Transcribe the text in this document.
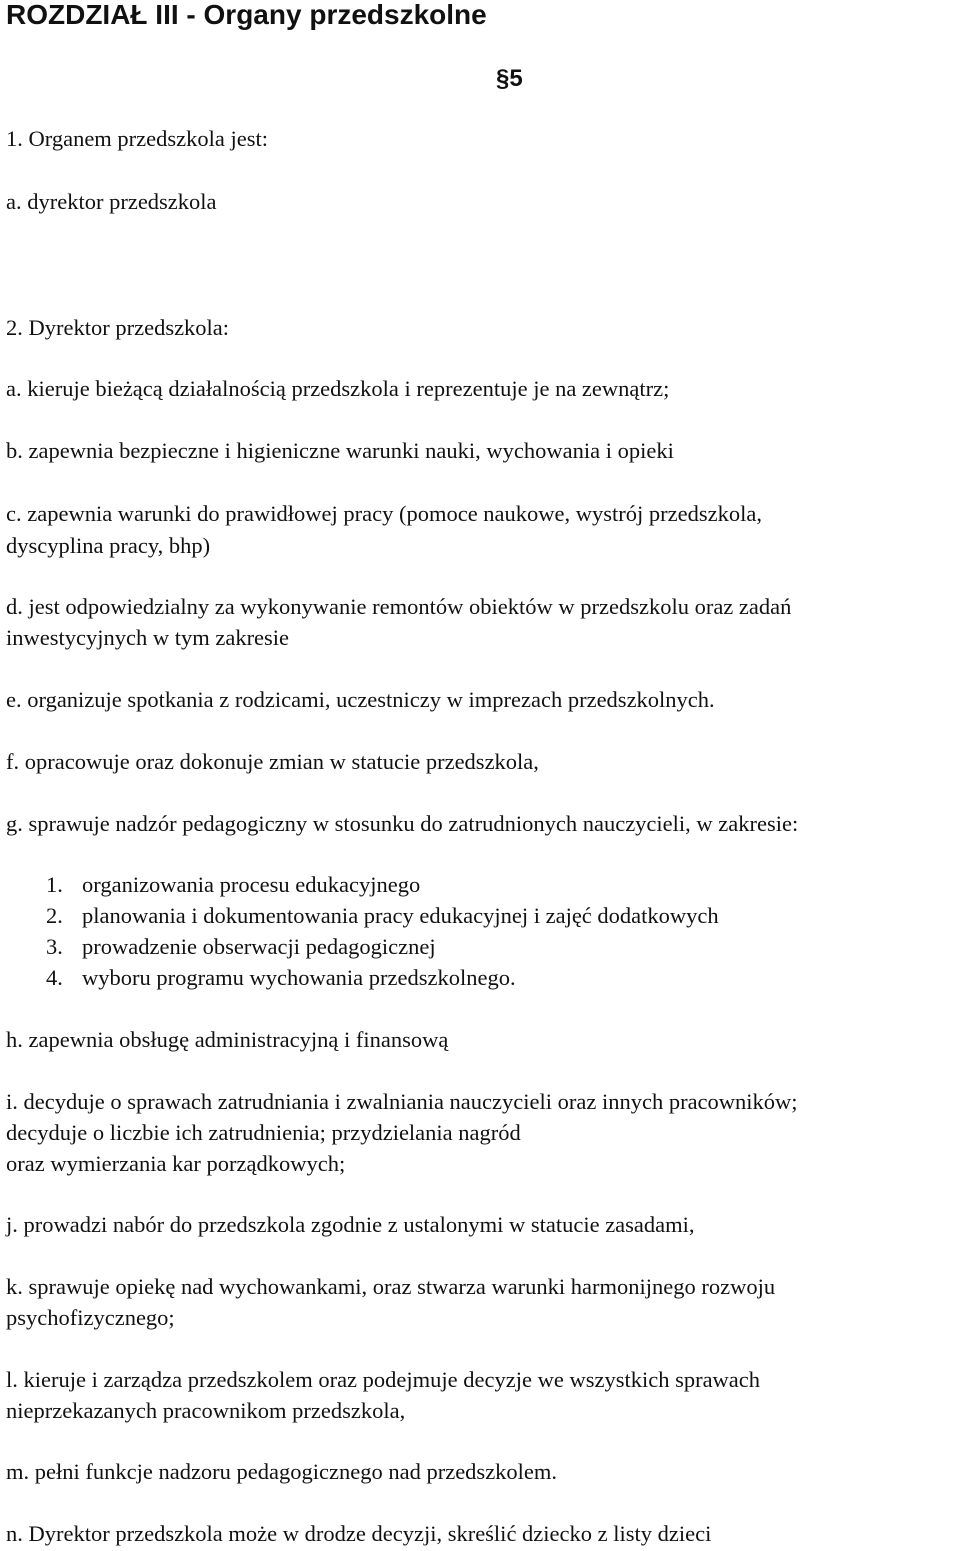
ROZDZIAŁ III - Organy przedszkolne
§5

1. Organem przedszkola jest:

a. dyrektor przedszkola

2. Dyrektor przedszkola:

a. kieruje bieżącą działalnością przedszkola i reprezentuje je na zewnątrz;

b. zapewnia bezpieczne i higieniczne warunki nauki, wychowania i opieki

c. zapewnia warunki do prawidłowej pracy (pomoce naukowe, wystrój przedszkola,

dyscyplina pracy, bhp)

d. jest odpowiedzialny za wykonywanie remontów obiektów w przedszkolu oraz zadań

inwestycyjnych w tym zakresie

e. organizuje spotkania z rodzicami, uczestniczy w imprezach przedszkolnych.

f. opracowuje oraz dokonuje zmian w statucie przedszkola,

g. sprawuje nadzór pedagogiczny w stosunku do zatrudnionych nauczycieli, w zakresie:

1. organizowania procesu edukacyjnego
2. planowania i dokumentowania pracy edukacyjnej i zajęć dodatkowych
3. prowadzenie obserwacji pedagogicznej
4. wyboru programu wychowania przedszkolnego.

h. zapewnia obsługę administracyjną i finansową

i. decyduje o sprawach zatrudniania i zwalniania nauczycieli oraz innych pracowników;

decyduje o liczbie ich zatrudnienia; przydzielania nagród

oraz wymierzania kar porządkowych;

j. prowadzi nabór do przedszkola zgodnie z ustalonymi w statucie zasadami,

k. sprawuje opiekę nad wychowankami, oraz stwarza warunki harmonijnego rozwoju

psychofizycznego;

l. kieruje i zarządza przedszkolem oraz podejmuje decyzje we wszystkich sprawach

nieprzekazanych pracownikom przedszkola,

m. pełni funkcje nadzoru pedagogicznego nad przedszkolem.

n. Dyrektor przedszkola może w drodze decyzji, skreślić dziecko z listy dzieci
